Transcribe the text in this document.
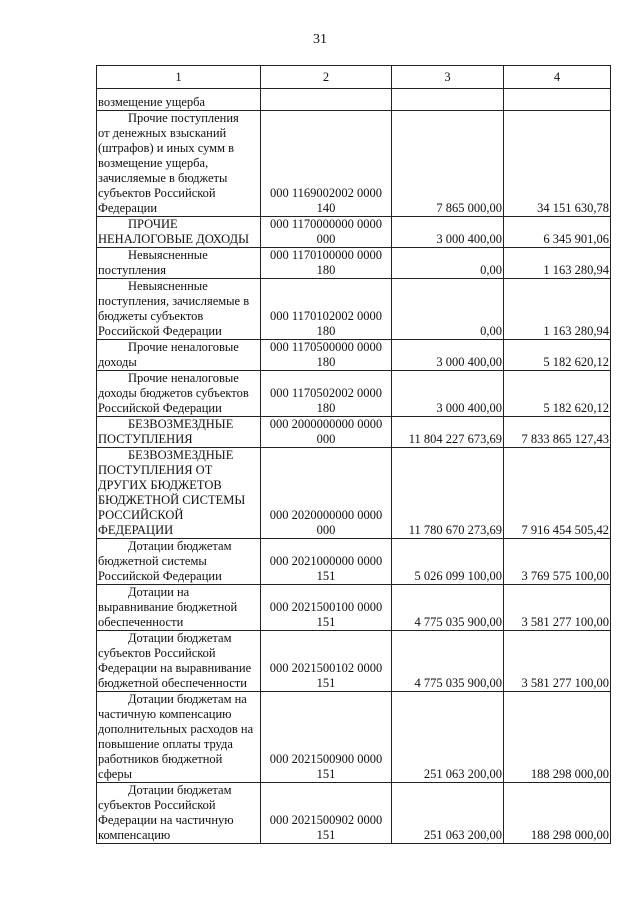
31
1	2	3	4
возмещение ущерба			

Прочие поступления
от денежных взысканий (штрафов) и иных сумм в возмещение ущерба, зачисляемые в бюджеты субъектов Российской Федерации	000 1169002002 0000 140	7 865 000,00	34 151 630,78

ПРОЧИЕ
НЕНАЛОГОВЫЕ ДОХОДЫ	000 1170000000 0000 000	3 000 400,00	6 345 901,06

Невыясненные
поступления	000 1170100000 0000 180	0,00	1 163 280,94

Невыясненные
поступления, зачисляемые в бюджеты субъектов Российской Федерации	000 1170102002 0000 180	0,00	1 163 280,94

Прочие неналоговые
доходы	000 1170500000 0000 180	3 000 400,00	5 182 620,12

Прочие неналоговые
доходы бюджетов субъектов Российской Федерации	000 1170502002 0000 180	3 000 400,00	5 182 620,12

БЕЗВОЗМЕЗДНЫЕ
ПОСТУПЛЕНИЯ	000 2000000000 0000 000	11 804 227 673,69	7 833 865 127,43

БЕЗВОЗМЕЗДНЫЕ
ПОСТУПЛЕНИЯ ОТ ДРУГИХ БЮДЖЕТОВ БЮДЖЕТНОЙ СИСТЕМЫ РОССИЙСКОЙ ФЕДЕРАЦИИ	000 2020000000 0000 000	11 780 670 273,69	7 916 454 505,42

Дотации бюджетам
бюджетной системы Российской Федерации	000 2021000000 0000 151	5 026 099 100,00	3 769 575 100,00

Дотации на
выравнивание бюджетной обеспеченности	000 2021500100 0000 151	4 775 035 900,00	3 581 277 100,00

Дотации бюджетам
субъектов Российской Федерации на выравнивание бюджетной обеспеченности	000 2021500102 0000 151	4 775 035 900,00	3 581 277 100,00

Дотации бюджетам на
частичную компенсацию дополнительных расходов на повышение оплаты труда работников бюджетной сферы	000 2021500900 0000 151	251 063 200,00	188 298 000,00

Дотации бюджетам
субъектов Российской Федерации на частичную компенсацию	000 2021500902 0000 151	251 063 200,00	188 298 000,00
